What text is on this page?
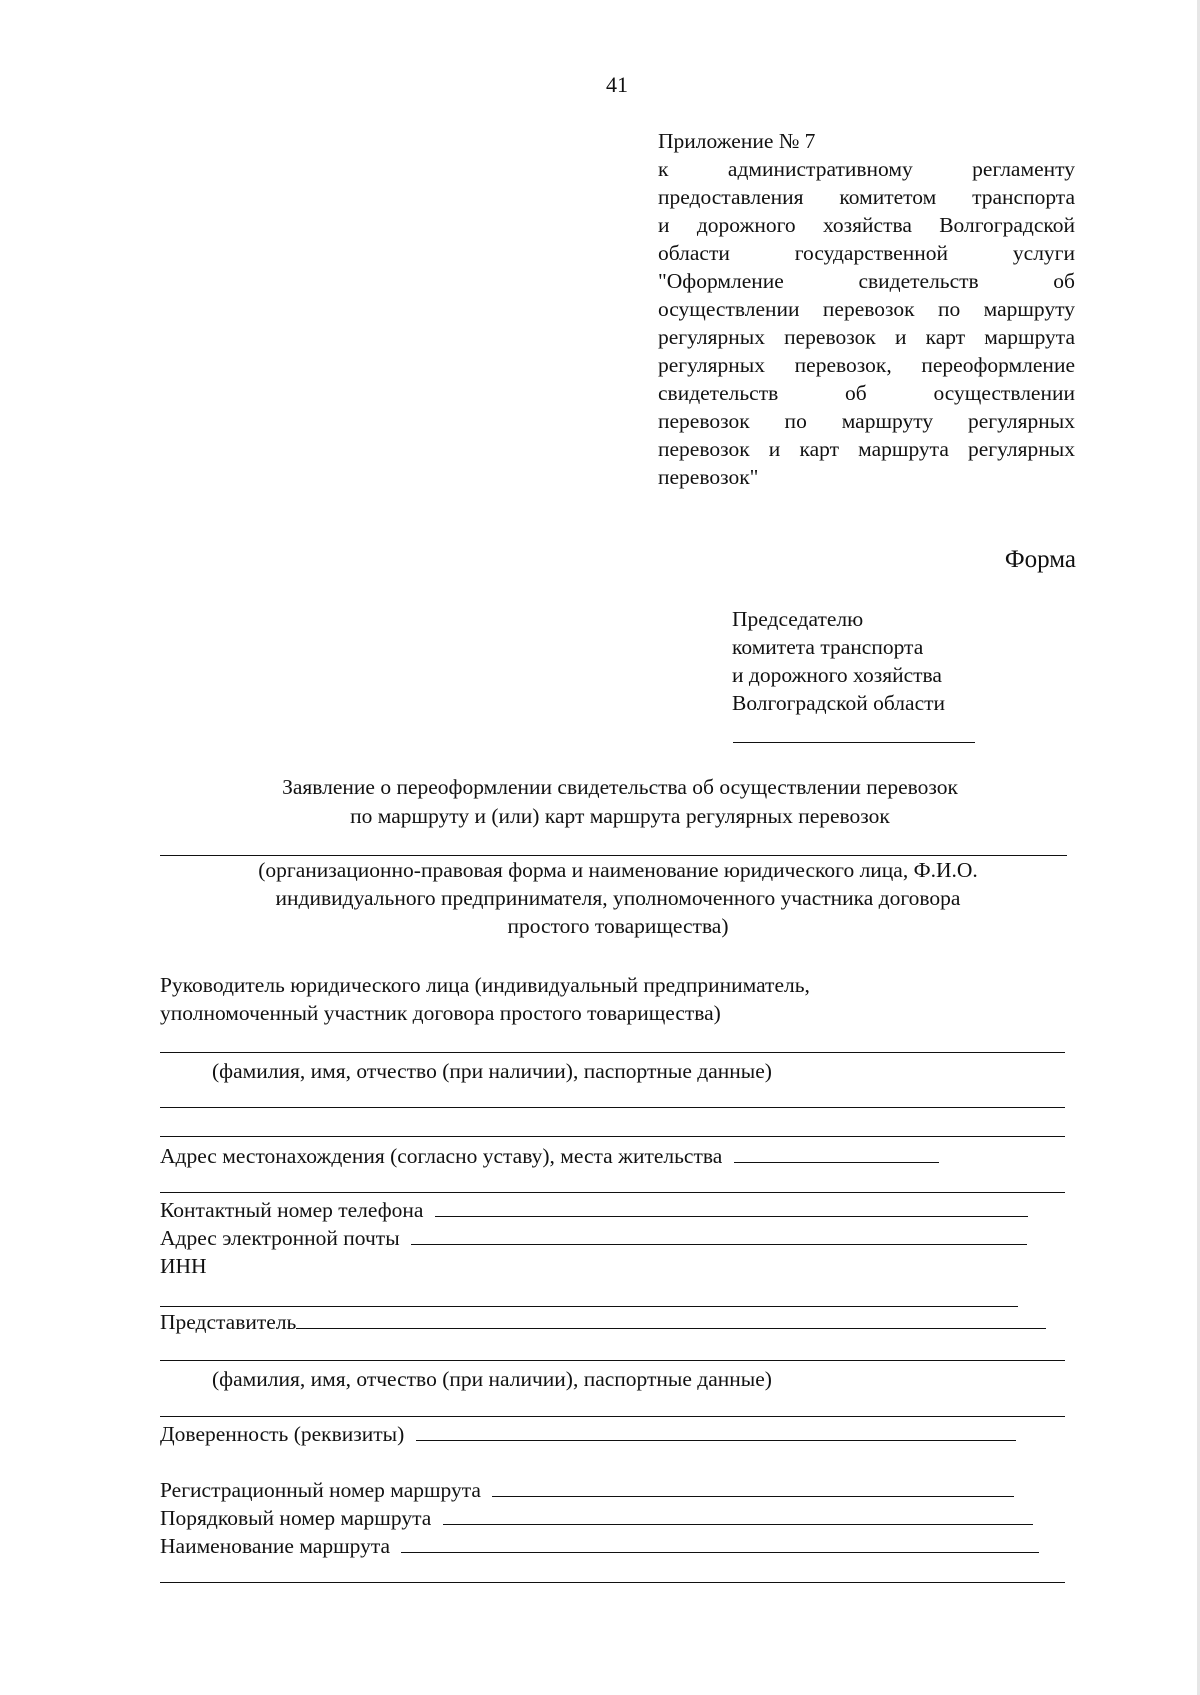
41
Приложение № 7
к административному регламенту
предоставления комитетом транспорта
и дорожного хозяйства Волгоградской
области государственной услуги
"Оформление свидетельств об
осуществлении перевозок по маршруту
регулярных перевозок и карт маршрута
регулярных перевозок, переоформление
свидетельств об осуществлении
перевозок по маршруту регулярных
перевозок и карт маршрута регулярных
перевозок"
Форма
Председателю
комитета транспорта
и дорожного хозяйства
Волгоградской области
Заявление о переоформлении свидетельства об осуществлении перевозок
по маршруту и (или) карт маршрута регулярных перевозок
(организационно-правовая форма и наименование юридического лица, Ф.И.О.
индивидуального предпринимателя, уполномоченного участника договора
простого товарищества)
Руководитель юридического лица (индивидуальный предприниматель,
уполномоченный участник договора простого товарищества)
(фамилия, имя, отчество (при наличии), паспортные данные)
Адрес местонахождения (согласно уставу), места жительства
Контактный номер телефона
Адрес электронной почты
ИНН
Представитель
(фамилия, имя, отчество (при наличии), паспортные данные)
Доверенность (реквизиты)
Регистрационный номер маршрута
Порядковый номер маршрута
Наименование маршрута
